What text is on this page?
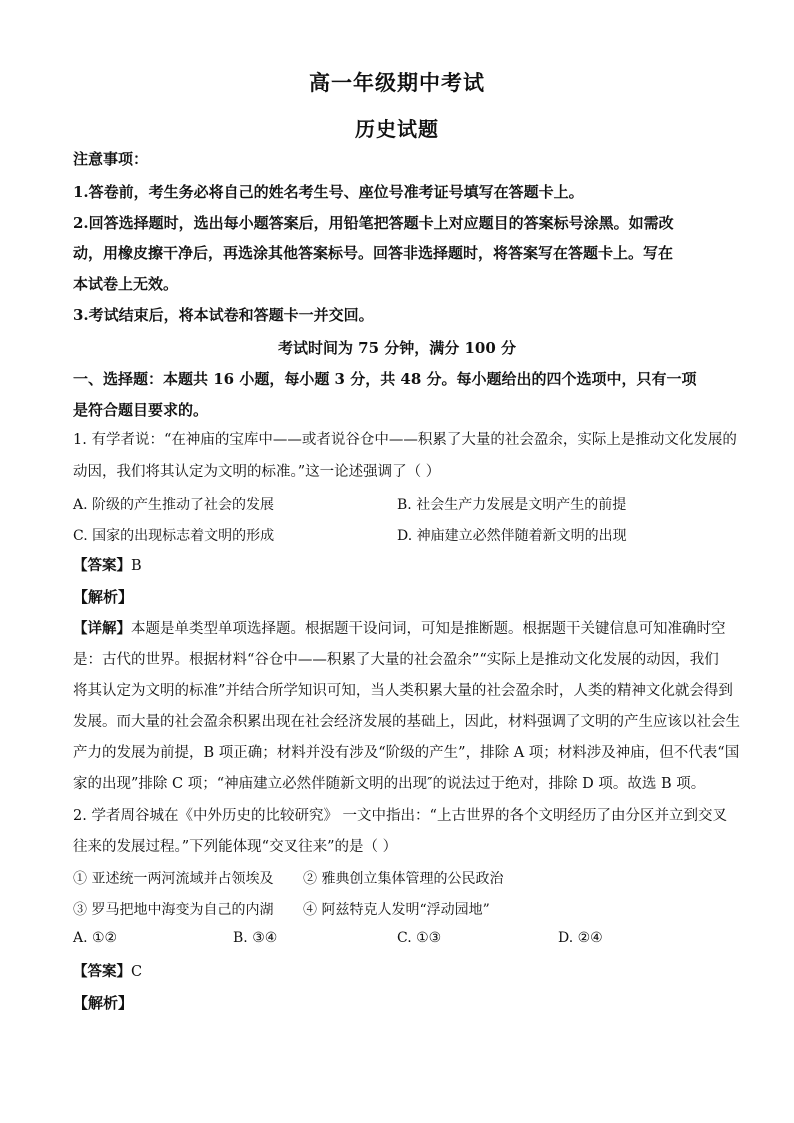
高一年级期中考试
历史试题
注意事项：
1.答卷前，考生务必将自己的姓名考生号、座位号准考证号填写在答题卡上。
2.回答选择题时，选出每小题答案后，用铅笔把答题卡上对应题目的答案标号涂黑。如需改
动，用橡皮擦干净后，再选涂其他答案标号。回答非选择题时，将答案写在答题卡上。写在
本试卷上无效。
3.考试结束后，将本试卷和答题卡一并交回。
考试时间为 75 分钟，满分 100 分
一、选择题：本题共 16 小题，每小题 3 分，共 48 分。每小题给出的四个选项中，只有一项
是符合题目要求的。
1. 有学者说：“在神庙的宝库中——或者说谷仓中——积累了大量的社会盈余，实际上是推动文化发展的
动因，我们将其认定为文明的标准。”这一论述强调了（ ）
A. 阶级的产生推动了社会的发展	B. 社会生产力发展是文明产生的前提
C. 国家的出现标志着文明的形成	D. 神庙建立必然伴随着新文明的出现
【答案】B
【解析】
【详解】本题是单类型单项选择题。根据题干设问词，可知是推断题。根据题干关键信息可知准确时空
是：古代的世界。根据材料“谷仓中——积累了大量的社会盈余”“实际上是推动文化发展的动因，我们
将其认定为文明的标准”并结合所学知识可知，当人类积累大量的社会盈余时，人类的精神文化就会得到
发展。而大量的社会盈余积累出现在社会经济发展的基础上，因此，材料强调了文明的产生应该以社会生
产力的发展为前提，B 项正确；材料并没有涉及“阶级的产生”，排除 A 项；材料涉及神庙，但不代表“国
家的出现”排除 C 项；“神庙建立必然伴随新文明的出现″的说法过于绝对，排除 D 项。故选 B 项。
2. 学者周谷城在《中外历史的比较研究》 一文中指出：“上古世界的各个文明经历了由分区并立到交叉
往来的发展过程。”下列能体现“交叉往来”的是（ ）
① 亚述统一两河流域并占领埃及 ② 雅典创立集体管理的公民政治
③ 罗马把地中海变为自己的内湖 ④ 阿兹特克人发明“浮动园地”
A. ①②	B. ③④	C. ①③	D. ②④
【答案】C
【解析】
